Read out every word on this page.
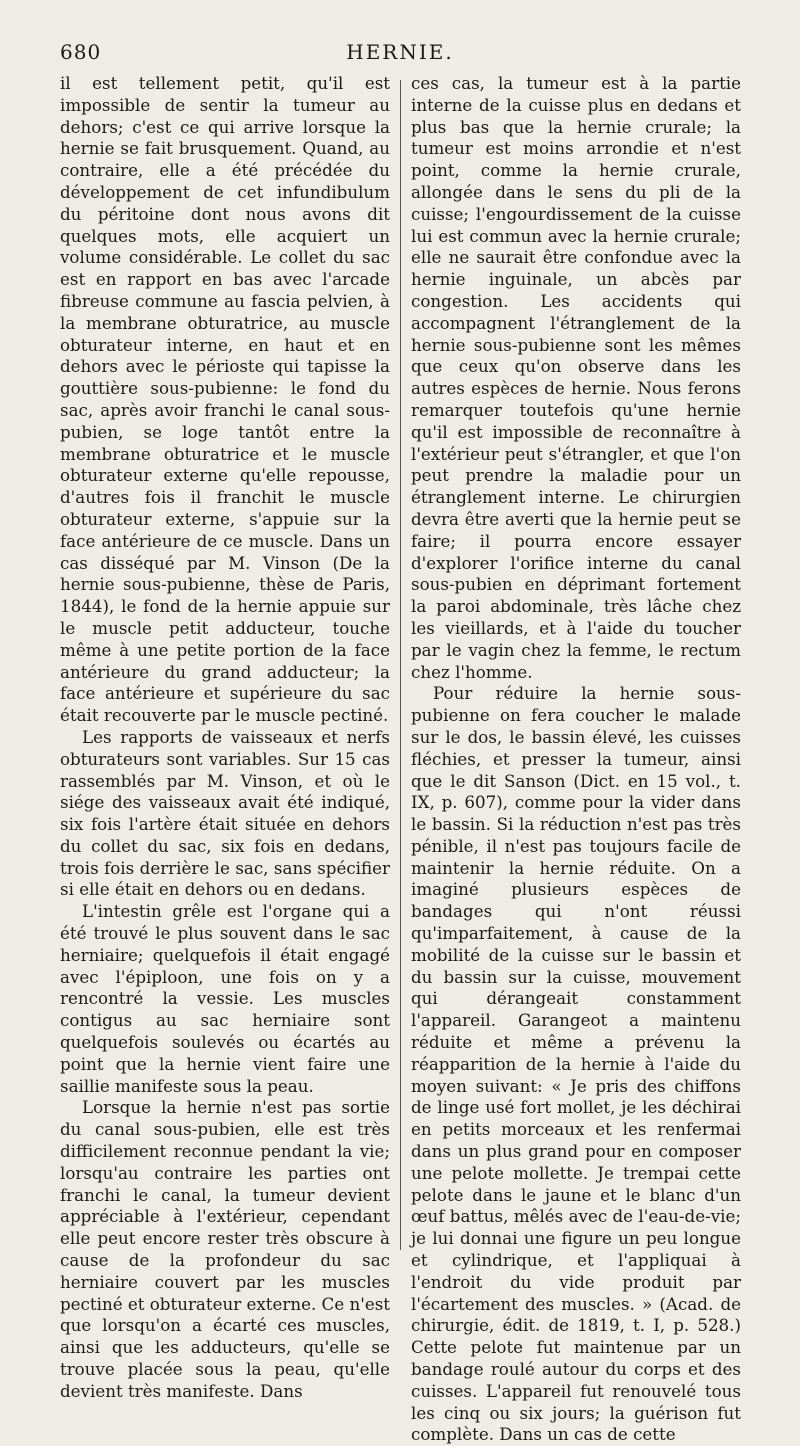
680	HERNIE.

il est tellement petit, qu'il est impossible de sentir la tumeur au dehors; c'est ce qui arrive lorsque la hernie se fait brusquement. Quand, au contraire, elle a été précédée du développement de cet infundibulum du péritoine dont nous avons dit quelques mots, elle acquiert un volume considérable. Le collet du sac est en rapport en bas avec l'arcade fibreuse commune au fascia pelvien, à la membrane obturatrice, au muscle obturateur interne, en haut et en dehors avec le périoste qui tapisse la gouttière sous-pubienne: le fond du sac, après avoir franchi le canal sous-pubien, se loge tantôt entre la membrane obturatrice et le muscle obturateur externe qu'elle repousse, d'autres fois il franchit le muscle obturateur externe, s'appuie sur la face antérieure de ce muscle. Dans un cas disséqué par M. Vinson (De la hernie sous-pubienne, thèse de Paris, 1844), le fond de la hernie appuie sur le muscle petit adducteur, touche même à une petite portion de la face antérieure du grand adducteur; la face antérieure et supérieure du sac était recouverte par le muscle pectiné.

Les rapports de vaisseaux et nerfs obturateurs sont variables. Sur 15 cas rassemblés par M. Vinson, et où le siége des vaisseaux avait été indiqué, six fois l'artère était située en dehors du collet du sac, six fois en dedans, trois fois derrière le sac, sans spécifier si elle était en dehors ou en dedans.

L'intestin grêle est l'organe qui a été trouvé le plus souvent dans le sac herniaire; quelquefois il était engagé avec l'épiploon, une fois on y a rencontré la vessie. Les muscles contigus au sac herniaire sont quelquefois soulevés ou écartés au point que la hernie vient faire une saillie manifeste sous la peau.

Lorsque la hernie n'est pas sortie du canal sous-pubien, elle est très difficilement reconnue pendant la vie; lorsqu'au contraire les parties ont franchi le canal, la tumeur devient appréciable à l'extérieur, cependant elle peut encore rester très obscure à cause de la profondeur du sac herniaire couvert par les muscles pectiné et obturateur externe. Ce n'est que lorsqu'on a écarté ces muscles, ainsi que les adducteurs, qu'elle se trouve placée sous la peau, qu'elle devient très manifeste. Dans

ces cas, la tumeur est à la partie interne de la cuisse plus en dedans et plus bas que la hernie crurale; la tumeur est moins arrondie et n'est point, comme la hernie crurale, allongée dans le sens du pli de la cuisse; l'engourdissement de la cuisse lui est commun avec la hernie crurale; elle ne saurait être confondue avec la hernie inguinale, un abcès par congestion. Les accidents qui accompagnent l'étranglement de la hernie sous-pubienne sont les mêmes que ceux qu'on observe dans les autres espèces de hernie. Nous ferons remarquer toutefois qu'une hernie qu'il est impossible de reconnaître à l'extérieur peut s'étrangler, et que l'on peut prendre la maladie pour un étranglement interne. Le chirurgien devra être averti que la hernie peut se faire; il pourra encore essayer d'explorer l'orifice interne du canal sous-pubien en déprimant fortement la paroi abdominale, très lâche chez les vieillards, et à l'aide du toucher par le vagin chez la femme, le rectum chez l'homme.

Pour réduire la hernie sous-pubienne on fera coucher le malade sur le dos, le bassin élevé, les cuisses fléchies, et presser la tumeur, ainsi que le dit Sanson (Dict. en 15 vol., t. IX, p. 607), comme pour la vider dans le bassin. Si la réduction n'est pas très pénible, il n'est pas toujours facile de maintenir la hernie réduite. On a imaginé plusieurs espèces de bandages qui n'ont réussi qu'imparfaitement, à cause de la mobilité de la cuisse sur le bassin et du bassin sur la cuisse, mouvement qui dérangeait constamment l'appareil. Garangeot a maintenu réduite et même a prévenu la réapparition de la hernie à l'aide du moyen suivant: « Je pris des chiffons de linge usé fort mollet, je les déchirai en petits morceaux et les renfermai dans un plus grand pour en composer une pelote mollette. Je trempai cette pelote dans le jaune et le blanc d'un œuf battus, mêlés avec de l'eau-de-vie; je lui donnai une figure un peu longue et cylindrique, et l'appliquai à l'endroit du vide produit par l'écartement des muscles. » (Acad. de chirurgie, édit. de 1819, t. I, p. 528.) Cette pelote fut maintenue par un bandage roulé autour du corps et des cuisses. L'appareil fut renouvelé tous les cinq ou six jours; la guérison fut complète. Dans un cas de cette
